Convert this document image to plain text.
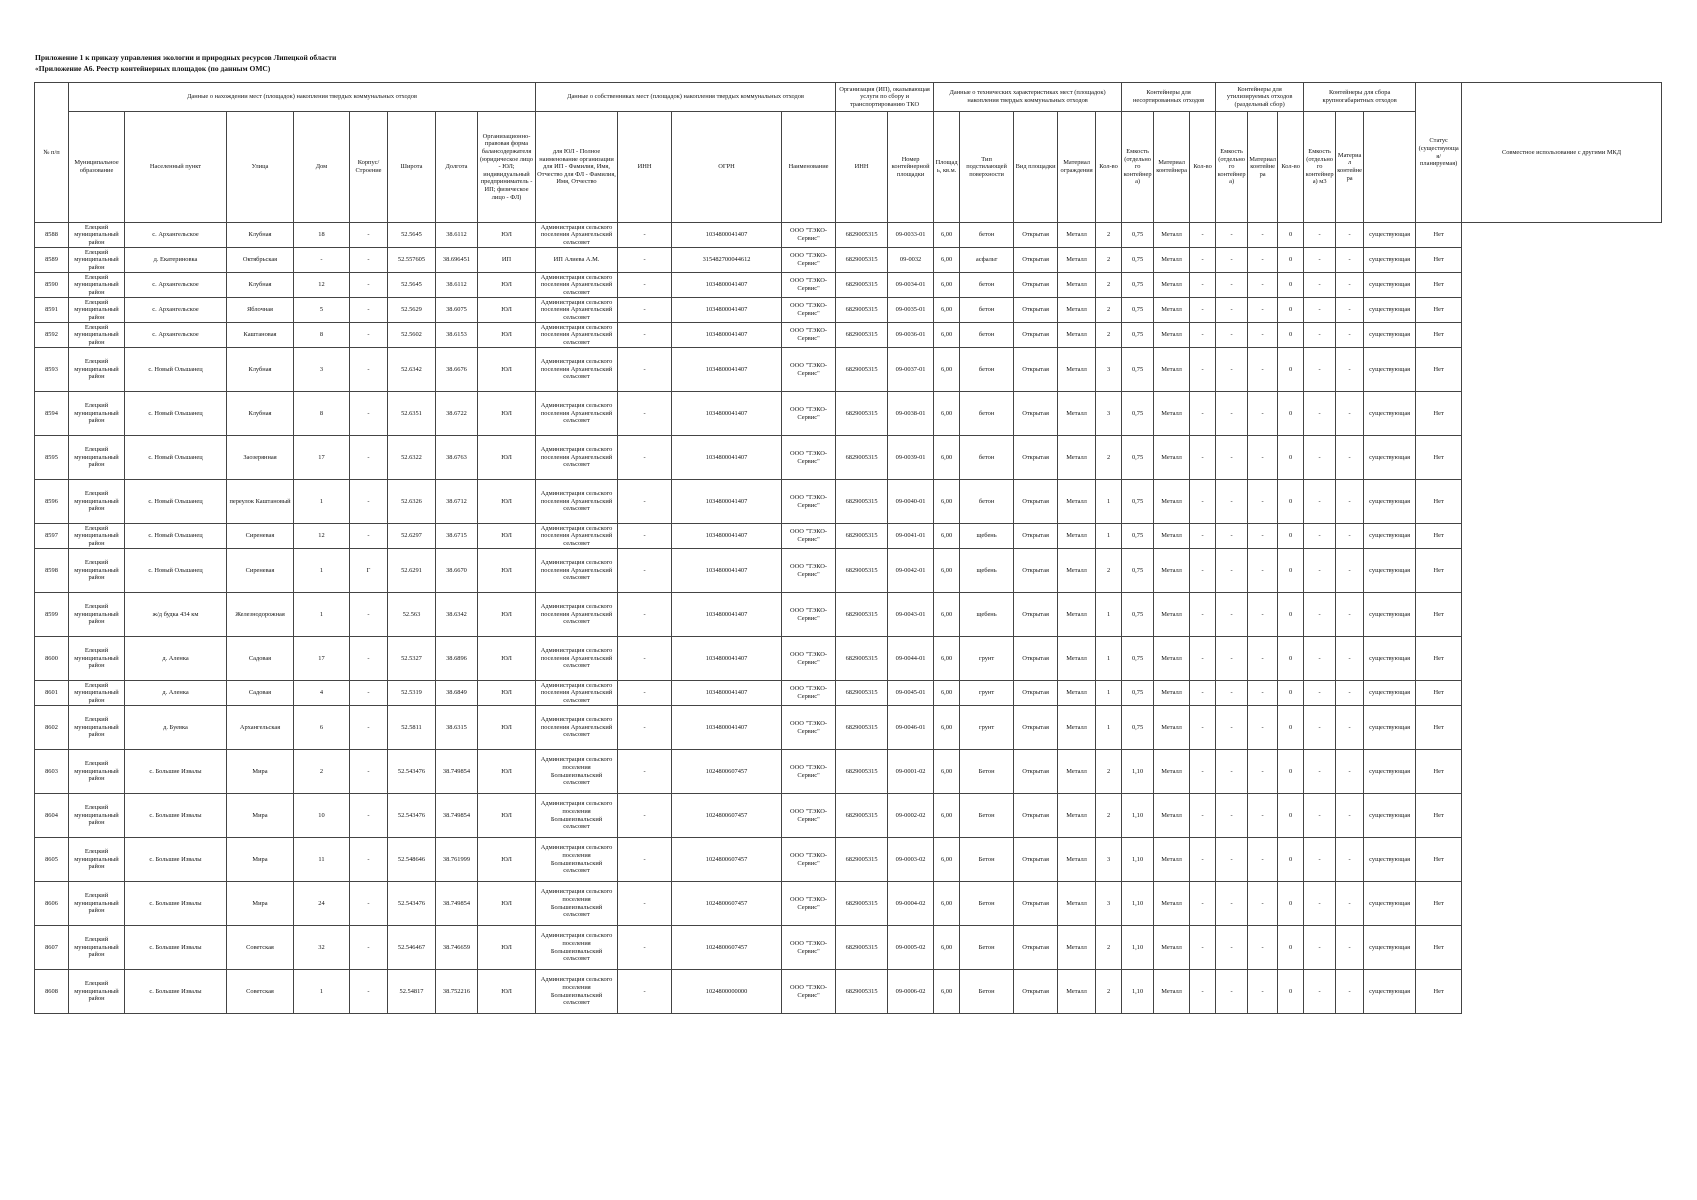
Приложение 1 к приказу управления экологии и природных ресурсов Липецкой области
«Приложение А6. Реестр контейнерных площадок (по данным ОМС)
№ п/п	Данные о нахождении мест (площадок) накопления твердых коммунальных отходов								Данные о собственниках мест (площадок) накопления твердых коммунальных отходов				Организация (ИП), оказывающая услуги по сбору и транспортированию ТКО		Данные о технических характеристиках мест (площадок) накопления твердых коммунальных отходов					Контейнеры для несортированных отходов			Контейнеры для утилизируемых отходов (раздельный сбор)			Контейнеры для сбора крупногабаритных отходов			Статус (существующая/ планируемая)	Совместное использование с другими МКД
	Муниципальное образование	Населенный пункт	Улица	Дом	Корпус/Строение	Широта	Долгота	Организационно-правовая форма балансодержателя (юридическое лицо - ЮЛ; индивидуальный предприниматель - ИП; физическое лицо - ФЛ)	для ЮЛ - Полное наименование организации для ИП - Фамилия, Имя, Отчество для ФЛ - Фамилия, Имя, Отчество	ИНН	ОГРН	Наименование	ИНН	Номер контейнерной площадки	Площадь, кв.м.	Тип подстилающей поверхности	Вид площадки	Материал ограждения	Кол-во	Емкость (отдельного контейнера)	Материал контейнера	Кол-во	Емкость (отдельного контейнера)	Материал контейнера	Кол-во	Емкость (отдельного контейнера) м3	Материал контейнера			
8588	Елецкий муниципальный район	с. Архангельское	Клубная	18	-	52.5645	38.6112	ЮЛ	Администрация сельского поселения Архангельский сельсовет	-	1034800041407	ООО "ТЭКО-Сервис"	6829005315	09-0033-01	6,00	бетон	Открытая	Металл	2	0,75	Металл	-	-	-	0	-	-	существующая	Нет	
8589	Елецкий муниципальный район	д. Екатериновка	Октябрьская	-	-	52.557605	38.696451	ИП	ИП Алиева А.М.	-	315482700044612	ООО "ТЭКО-Сервис"	6829005315	09-0032	6,00	асфальт	Открытая	Металл	2	0,75	Металл	-	-	-	0	-	-	существующая	Нет	
8590	Елецкий муниципальный район	с. Архангельское	Клубная	12	-	52.5645	38.6112	ЮЛ	Администрация сельского поселения Архангельский сельсовет	-	1034800041407	ООО "ТЭКО-Сервис"	6829005315	09-0034-01	6,00	бетон	Открытая	Металл	2	0,75	Металл	-	-	-	0	-	-	существующая	Нет	
8591	Елецкий муниципальный район	с. Архангельское	Яблочная	5	-	52.5629	38.6075	ЮЛ	Администрация сельского поселения Архангельский сельсовет	-	1034800041407	ООО "ТЭКО-Сервис"	6829005315	09-0035-01	6,00	бетон	Открытая	Металл	2	0,75	Металл	-	-	-	0	-	-	существующая	Нет	
8592	Елецкий муниципальный район	с. Архангельское	Каштановая	8	-	52.5602	38.6153	ЮЛ	Администрация сельского поселения Архангельский сельсовет	-	1034800041407	ООО "ТЭКО-Сервис"	6829005315	09-0036-01	6,00	бетон	Открытая	Металл	2	0,75	Металл	-	-	-	0	-	-	существующая	Нет	
8593	Елецкий муниципальный район	с. Новый Ольшанец	Клубная	3	-	52.6342	38.6676	ЮЛ	Администрация сельского поселения Архангельский сельсовет	-	1034800041407	ООО "ТЭКО-Сервис"	6829005315	09-0037-01	6,00	бетон	Открытая	Металл	3	0,75	Металл	-	-	-	0	-	-	существующая	Нет	
8594	Елецкий муниципальный район	с. Новый Ольшанец	Клубная	8	-	52.6351	38.6722	ЮЛ	Администрация сельского поселения Архангельский сельсовет	-	1034800041407	ООО "ТЭКО-Сервис"	6829005315	09-0038-01	6,00	бетон	Открытая	Металл	3	0,75	Металл	-	-	-	0	-	-	существующая	Нет	
8595	Елецкий муниципальный район	с. Новый Ольшанец	Заозерянная	17	-	52.6322	38.6763	ЮЛ	Администрация сельского поселения Архангельский сельсовет	-	1034800041407	ООО "ТЭКО-Сервис"	6829005315	09-0039-01	6,00	бетон	Открытая	Металл	2	0,75	Металл	-	-	-	0	-	-	существующая	Нет	
8596	Елецкий муниципальный район	с. Новый Ольшанец	переулок Каштановый	1	-	52.6326	38.6712	ЮЛ	Администрация сельского поселения Архангельский сельсовет	-	1034800041407	ООО "ТЭКО-Сервис"	6829005315	09-0040-01	6,00	бетон	Открытая	Металл	1	0,75	Металл	-	-	-	0	-	-	существующая	Нет	
8597	Елецкий муниципальный район	с. Новый Ольшанец	Сиреневая	12	-	52.6297	38.6715	ЮЛ	Администрация сельского поселения Архангельский сельсовет	-	1034800041407	ООО "ТЭКО-Сервис"	6829005315	09-0041-01	6,00	щебень	Открытая	Металл	1	0,75	Металл	-	-	-	0	-	-	существующая	Нет	
8598	Елецкий муниципальный район	с. Новый Ольшанец	Сиреневая	1	Г	52.6291	38.6670	ЮЛ	Администрация сельского поселения Архангельский сельсовет	-	1034800041407	ООО "ТЭКО-Сервис"	6829005315	09-0042-01	6,00	щебень	Открытая	Металл	2	0,75	Металл	-	-	-	0	-	-	существующая	Нет	
8599	Елецкий муниципальный район	ж/д будка 434 км	Железнодорожная	1	-	52.563	38.6342	ЮЛ	Администрация сельского поселения Архангельский сельсовет	-	1034800041407	ООО "ТЭКО-Сервис"	6829005315	09-0043-01	6,00	щебень	Открытая	Металл	1	0,75	Металл	-	-	-	0	-	-	существующая	Нет	
8600	Елецкий муниципальный район	д. Аленка	Садовая	17	-	52.5327	38.6896	ЮЛ	Администрация сельского поселения Архангельский сельсовет	-	1034800041407	ООО "ТЭКО-Сервис"	6829005315	09-0044-01	6,00	грунт	Открытая	Металл	1	0,75	Металл	-	-	-	0	-	-	существующая	Нет	
8601	Елецкий муниципальный район	д. Аленка	Садовая	4	-	52.5319	38.6849	ЮЛ	Администрация сельского поселения Архангельский сельсовет	-	1034800041407	ООО "ТЭКО-Сервис"	6829005315	09-0045-01	6,00	грунт	Открытая	Металл	1	0,75	Металл	-	-	-	0	-	-	существующая	Нет	
8602	Елецкий муниципальный район	д. Буевка	Архангельская	6	-	52.5811	38.6315	ЮЛ	Администрация сельского поселения Архангельский сельсовет	-	1034800041407	ООО "ТЭКО-Сервис"	6829005315	09-0046-01	6,00	грунт	Открытая	Металл	1	0,75	Металл	-	-	-	0	-	-	существующая	Нет	
8603	Елецкий муниципальный район	с. Большие Извалы	Мира	2	-	52.543476	38.749854	ЮЛ	Администрация сельского поселения Большеизвальский сельсовет	-	1024800607457	ООО "ТЭКО-Сервис"	6829005315	09-0001-02	6,00	Бетон	Открытая	Металл	2	1,10	Металл	-	-	-	0	-	-	существующая	Нет	
8604	Елецкий муниципальный район	с. Большие Извалы	Мира	10	-	52.543476	38.749854	ЮЛ	Администрация сельского поселения Большеизвальский сельсовет	-	1024800607457	ООО "ТЭКО-Сервис"	6829005315	09-0002-02	6,00	Бетон	Открытая	Металл	2	1,10	Металл	-	-	-	0	-	-	существующая	Нет	
8605	Елецкий муниципальный район	с. Большие Извалы	Мира	11	-	52.548646	38.761999	ЮЛ	Администрация сельского поселения Большеизвальский сельсовет	-	1024800607457	ООО "ТЭКО-Сервис"	6829005315	09-0003-02	6,00	Бетон	Открытая	Металл	3	1,10	Металл	-	-	-	0	-	-	существующая	Нет	
8606	Елецкий муниципальный район	с. Большие Извалы	Мира	24	-	52.543476	38.749854	ЮЛ	Администрация сельского поселения Большеизвальский сельсовет	-	1024800607457	ООО "ТЭКО-Сервис"	6829005315	09-0004-02	6,00	Бетон	Открытая	Металл	3	1,10	Металл	-	-	-	0	-	-	существующая	Нет	
8607	Елецкий муниципальный район	с. Большие Извалы	Советская	32	-	52.546467	38.746659	ЮЛ	Администрация сельского поселения Большеизвальский сельсовет	-	1024800607457	ООО "ТЭКО-Сервис"	6829005315	09-0005-02	6,00	Бетон	Открытая	Металл	2	1,10	Металл	-	-	-	0	-	-	существующая	Нет	
8608	Елецкий муниципальный район	с. Большие Извалы	Советская	1	-	52.54817	38.752216	ЮЛ	Администрация сельского поселения Большеизвальский сельсовет	-	1024800000000	ООО "ТЭКО-Сервис"	6829005315	09-0006-02	6,00	Бетон	Открытая	Металл	2	1,10	Металл	-	-	-	0	-	-	существующая	Нет	
